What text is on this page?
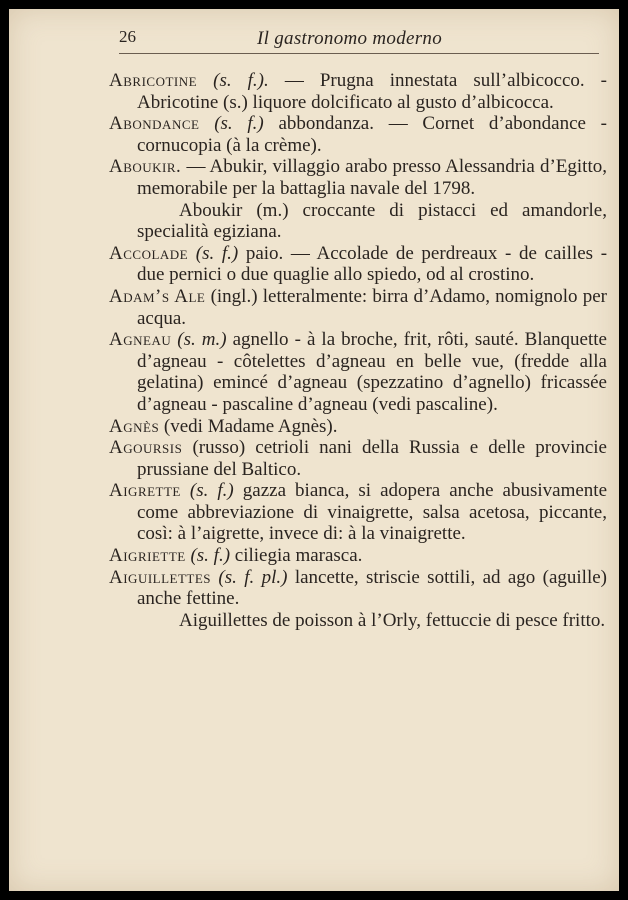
26	Il gastronomo moderno

Abricotine (s. f.). — Prugna innestata sull’albicocco. - Abricotine (s.) liquore dolcificato al gusto d’albicocca.

Abondance (s. f.) abbondanza. — Cornet d’abondance - cornucopia (à la crème).

Aboukir. — Abukir, villaggio arabo presso Alessandria d’Egitto, memorabile per la battaglia navale del 1798.

Aboukir (m.) croccante di pistacci ed amandorle, specialità egiziana.

Accolade (s. f.) paio. — Accolade de perdreaux - de cailles - due pernici o due quaglie allo spiedo, od al crostino.

Adam’s Ale (ingl.) letteralmente: birra d’Adamo, nomignolo per acqua.

Agneau (s. m.) agnello - à la broche, frit, rôti, sauté. Blanquette d’agneau - côtelettes d’agneau en belle vue, (fredde alla gelatina) emincé d’agneau (spezzatino d’agnello) fricassée d’agneau - pascaline d’agneau (vedi pascaline).

Agnès (vedi Madame Agnès).

Agoursis (russo) cetrioli nani della Russia e delle provincie prussiane del Baltico.

Aigrette (s. f.) gazza bianca, si adopera anche abusivamente come abbreviazione di vinaigrette, salsa acetosa, piccante, così: à l’aigrette, invece di: à la vinaigrette.

Aigriette (s. f.) ciliegia marasca.

Aiguillettes (s. f. pl.) lancette, striscie sottili, ad ago (aguille) anche fettine.

Aiguillettes de poisson à l’Orly, fettuccie di pesce fritto.
